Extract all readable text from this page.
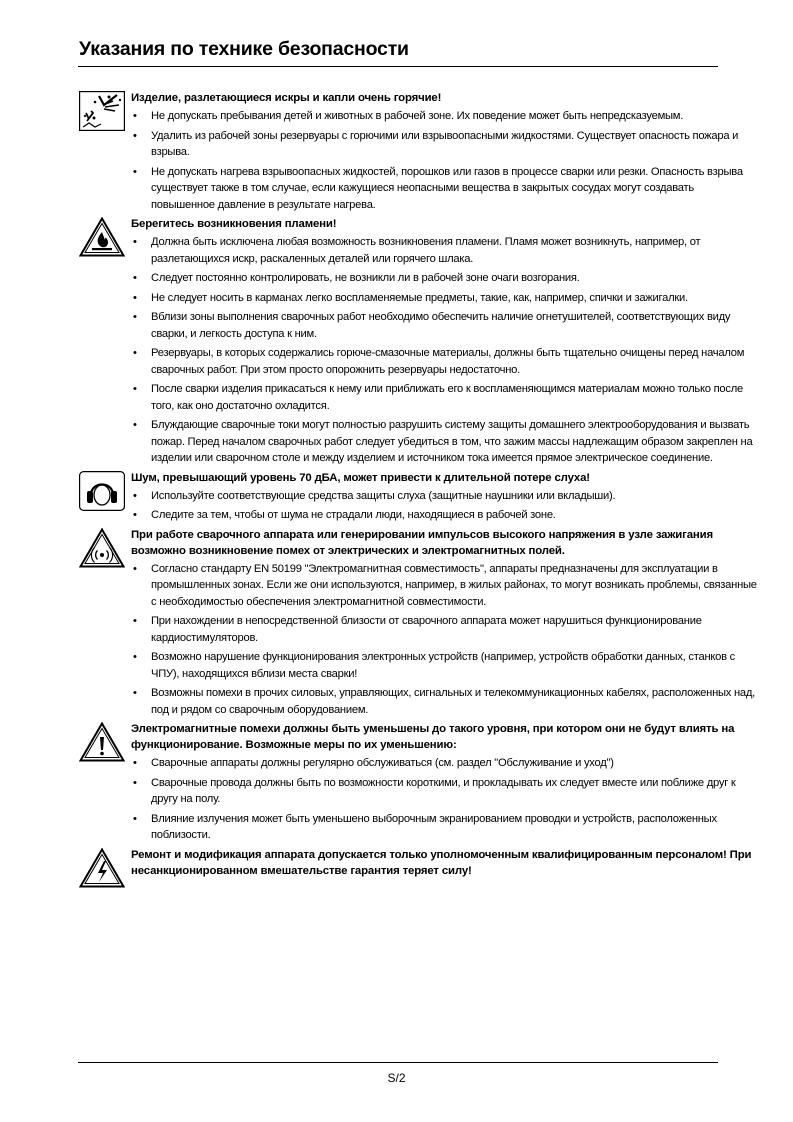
Указания по технике безопасности
Изделие, разлетающиеся искры и капли очень горячие!
• Не допускать пребывания детей и животных в рабочей зоне. Их поведение может быть непредсказуемым.
• Удалить из рабочей зоны резервуары с горючими или взрывоопасными жидкостями. Существует опасность пожара и взрыва.
• Не допускать нагрева взрывоопасных жидкостей, порошков или газов в процессе сварки или резки. Опасность взрыва существует также в том случае, если кажущиеся неопасными вещества в закрытых сосудах могут создавать повышенное давление в результате нагрева.
Берегитесь возникновения пламени!
• Должна быть исключена любая возможность возникновения пламени. Пламя может возникнуть, например, от разлетающихся искр, раскаленных деталей или горячего шлака.
• Следует постоянно контролировать, не возникли ли в рабочей зоне очаги возгорания.
• Не следует носить в карманах легко воспламеняемые предметы, такие, как, например, спички и зажигалки.
• Вблизи зоны выполнения сварочных работ необходимо обеспечить наличие огнетушителей, соответствующих виду сварки, и легкость доступа к ним.
• Резервуары, в которых содержались горюче-смазочные материалы, должны быть тщательно очищены перед началом сварочных работ. При этом просто опорожнить резервуары недостаточно.
• После сварки изделия прикасаться к нему или приближать его к воспламеняющимся материалам можно только после того, как оно достаточно охладится.
• Блуждающие сварочные токи могут полностью разрушить систему защиты домашнего электрооборудования и вызвать пожар. Перед началом сварочных работ следует убедиться в том, что зажим массы надлежащим образом закреплен на изделии или сварочном столе и между изделием и источником тока имеется прямое электрическое соединение.
Шум, превышающий уровень 70 дБА, может привести к длительной потере слуха!
• Используйте соответствующие средства защиты слуха (защитные наушники или вкладыши).
• Следите за тем, чтобы от шума не страдали люди, находящиеся в рабочей зоне.
При работе сварочного аппарата или генерировании импульсов высокого напряжения в узле зажигания возможно возникновение помех от электрических и электромагнитных полей.
• Согласно стандарту EN 50199 "Электромагнитная совместимость", аппараты предназначены для эксплуатации в промышленных зонах. Если же они используются, например, в жилых районах, то могут возникать проблемы, связанные с необходимостью обеспечения электромагнитной совместимости.
• При нахождении в непосредственной близости от сварочного аппарата может нарушиться функционирование кардиостимуляторов.
• Возможно нарушение функционирования электронных устройств (например, устройств обработки данных, станков с ЧПУ), находящихся вблизи места сварки!
• Возможны помехи в прочих силовых, управляющих, сигнальных и телекоммуникационных кабелях, расположенных над, под и рядом со сварочным оборудованием.
Электромагнитные помехи должны быть уменьшены до такого уровня, при котором они не будут влиять на функционирование. Возможные меры по их уменьшению:
• Сварочные аппараты должны регулярно обслуживаться (см. раздел "Обслуживание и уход")
• Сварочные провода должны быть по возможности короткими, и прокладывать их следует вместе или поближе друг к другу на полу.
• Влияние излучения может быть уменьшено выборочным экранированием проводки и устройств, расположенных поблизости.
Ремонт и модификация аппарата допускается только уполномоченным квалифицированным персоналом! При несанкционированном вмешательстве гарантия теряет силу!
S/2
